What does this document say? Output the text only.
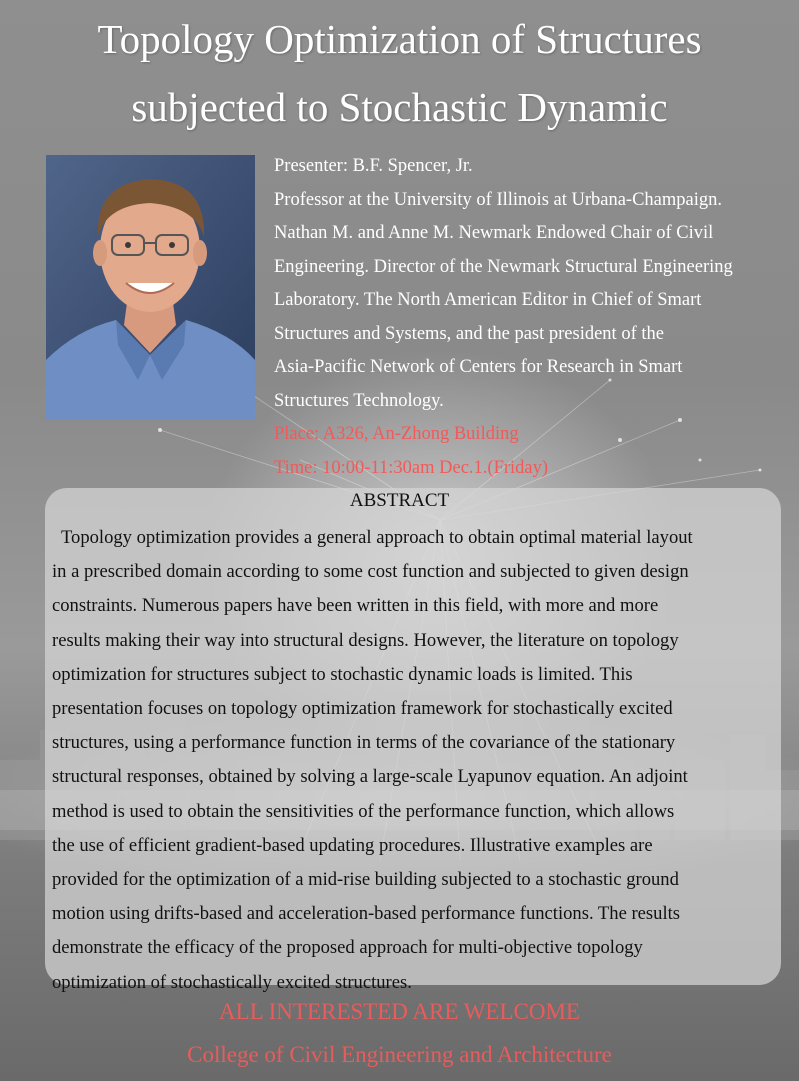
Topology Optimization of Structures
subjected to Stochastic Dynamic
Presenter: B.F. Spencer, Jr.
Professor at the University of Illinois at Urbana-Champaign.
Nathan M. and Anne M. Newmark Endowed Chair of Civil
Engineering. Director of the Newmark Structural Engineering
Laboratory. The North American Editor in Chief of Smart
Structures and Systems, and the past president of the
Asia-Pacific Network of Centers for Research in Smart
Structures Technology.
Place: A326, An-Zhong Building
Time: 10:00-11:30am Dec.1.(Friday)
ABSTRACT
Topology optimization provides a general approach to obtain optimal material layout
in a prescribed domain according to some cost function and subjected to given design
constraints. Numerous papers have been written in this field, with more and more
results making their way into structural designs. However, the literature on topology
optimization for structures subject to stochastic dynamic loads is limited. This
presentation focuses on topology optimization framework for stochastically excited
structures, using a performance function in terms of the covariance of the stationary
structural responses, obtained by solving a large-scale Lyapunov equation. An adjoint
method is used to obtain the sensitivities of the performance function, which allows
the use of efficient gradient-based updating procedures. Illustrative examples are
provided for the optimization of a mid-rise building subjected to a stochastic ground
motion using drifts-based and acceleration-based performance functions. The results
demonstrate the efficacy of the proposed approach for multi-objective topology
optimization of stochastically excited structures.
ALL INTERESTED ARE WELCOME
College of Civil Engineering and Architecture
